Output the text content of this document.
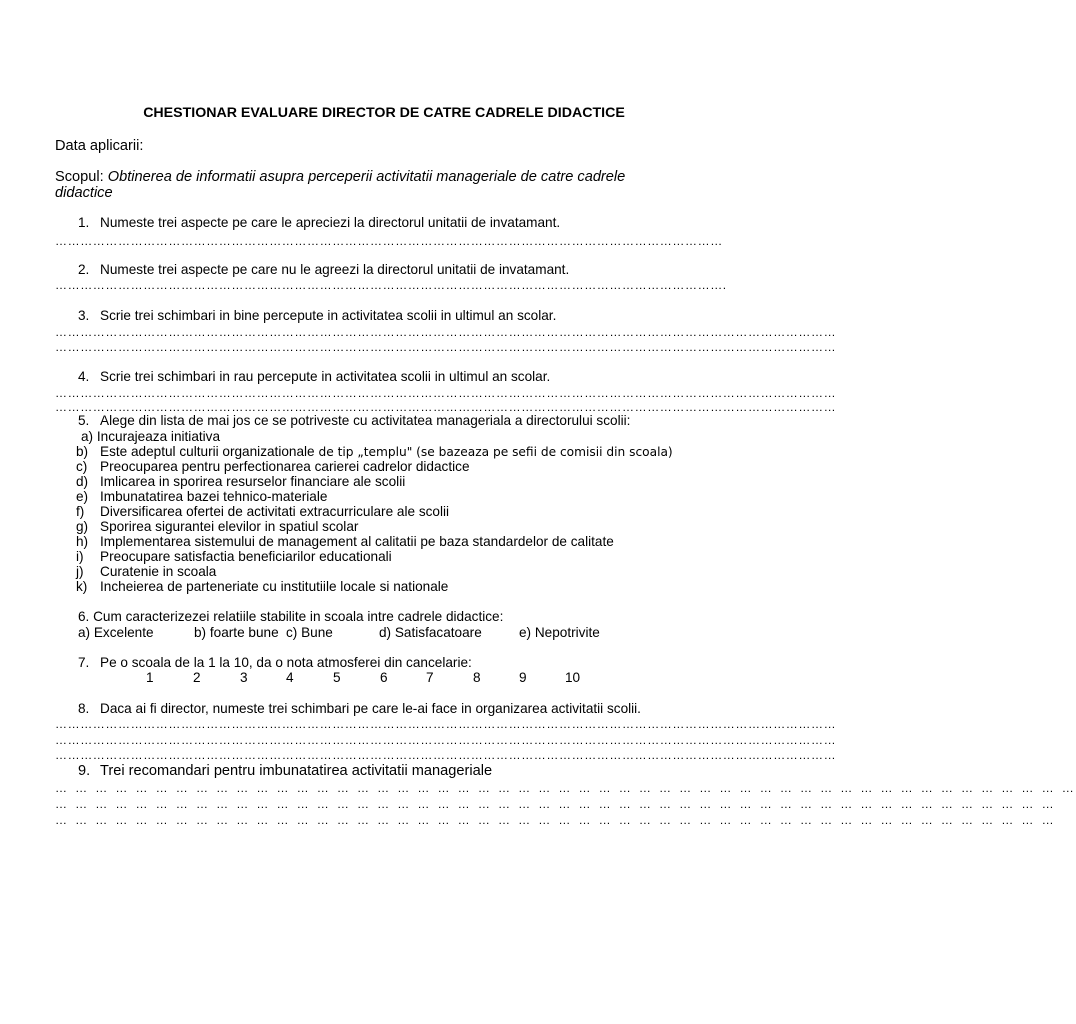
CHESTIONAR EVALUARE DIRECTOR DE CATRE CADRELE DIDACTICE
Data aplicarii:
Scopul: Obtinerea de informatii asupra perceperii activitatii manageriale de catre cadrele
didactice
1. Numeste trei aspecte pe care le apreciezi la directorul unitatii de invatamant.
……………………………………………………………………………………………………………………………………………
2. Numeste trei aspecte pe care nu le agreezi la directorul unitatii de invatamant.
…………………………………………………………………………………………………………………………………………….
3. Scrie trei schimbari in bine percepute in activitatea scolii in ultimul an scolar.
……………………………………………………………………………………………………………………………………………………………………
……………………………………………………………………………………………………………………………………………………………………
4. Scrie trei schimbari in rau percepute in activitatea scolii in ultimul an scolar.
……………………………………………………………………………………………………………………………………………………………………
……………………………………………………………………………………………………………………………………………………………………
5. Alege din lista de mai jos ce se potriveste cu activitatea manageriala a directorului scolii:
a) Incurajeaza initiativa
b) Este adeptul culturii organizationale de tip „templu" (se bazeaza pe sefii de comisii din scoala)
c) Preocuparea pentru perfectionarea carierei cadrelor didactice
d) Imlicarea in sporirea resurselor financiare ale scolii
e) Imbunatatirea bazei tehnico-materiale
f) Diversificarea ofertei de activitati extracurriculare ale scolii
g) Sporirea sigurantei elevilor in spatiul scolar
h) Implementarea sistemului de management al calitatii pe baza standardelor de calitate
i) Preocupare satisfactia beneficiarilor educationali
j) Curatenie in scoala
k) Incheierea de parteneriate cu institutiile locale si nationale
6. Cum caracterizezei relatiile stabilite in scoala intre cadrele didactice:
a) Excelente	b) foarte bune c) Bune	d) Satisfacatoare	e) Nepotrivite
7. Pe o scoala de la 1 la 10, da o nota atmosferei din cancelarie:
1	2	3	4	5	6	7	8	9	10
8. Daca ai fi director, numeste trei schimbari pe care le-ai face in organizarea activitatii scolii.
……………………………………………………………………………………………………………………………………………………………………
……………………………………………………………………………………………………………………………………………………………………
……………………………………………………………………………………………………………………………………………………………………
9. Trei recomandari pentru imbunatatirea activitatii manageriale
… … … … … … … … … … … … … … … … … … … … … … … … … … … … … … … … … … … … … … … … … … … … … … … … … … …
… … … … … … … … … … … … … … … … … … … … … … … … … … … … … … … … … … … … … … … … … … … … … … … … … …
… … … … … … … … … … … … … … … … … … … … … … … … … … … … … … … … … … … … … … … … … … … … … … … … … …
